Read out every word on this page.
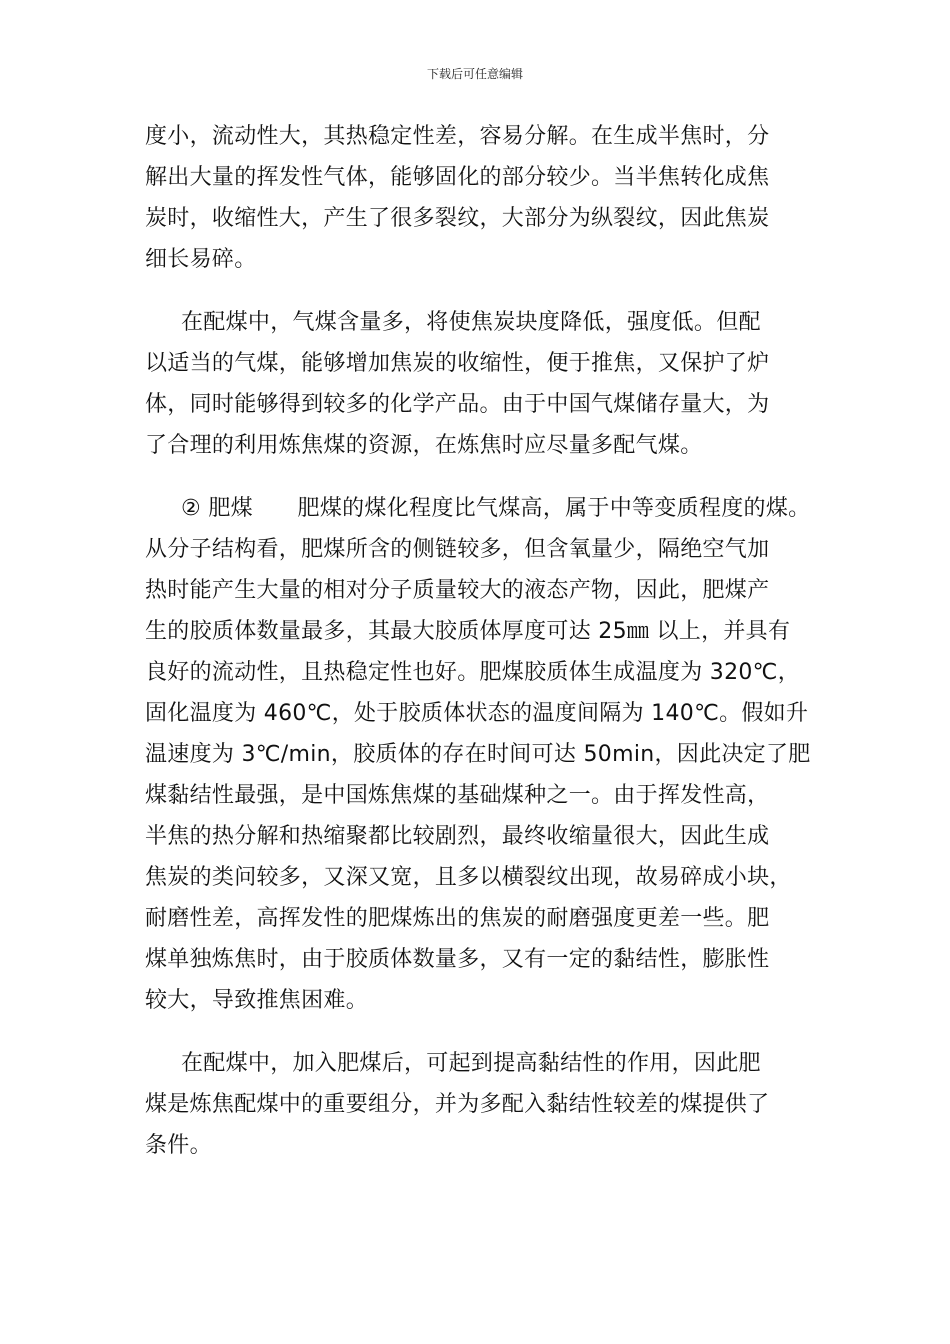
下载后可任意编辑
度小，流动性大，其热稳定性差，容易分解。在生成半焦时，分
解出大量的挥发性气体，能够固化的部分较少。当半焦转化成焦
炭时，收缩性大，产生了很多裂纹，大部分为纵裂纹，因此焦炭
细长易碎。
在配煤中，气煤含量多，将使焦炭块度降低，强度低。但配
以适当的气煤，能够增加焦炭的收缩性，便于推焦，又保护了炉
体，同时能够得到较多的化学产品。由于中国气煤储存量大，为
了合理的利用炼焦煤的资源，在炼焦时应尽量多配气煤。
② 肥煤　　肥煤的煤化程度比气煤高，属于中等变质程度的煤。
从分子结构看，肥煤所含的侧链较多，但含氧量少，隔绝空气加
热时能产生大量的相对分子质量较大的液态产物，因此，肥煤产
生的胶质体数量最多，其最大胶质体厚度可达 25㎜ 以上，并具有
良好的流动性，且热稳定性也好。肥煤胶质体生成温度为 320℃，
固化温度为 460℃，处于胶质体状态的温度间隔为 140℃。假如升
温速度为 3℃/min，胶质体的存在时间可达 50min，因此决定了肥
煤黏结性最强，是中国炼焦煤的基础煤种之一。由于挥发性高，
半焦的热分解和热缩聚都比较剧烈，最终收缩量很大，因此生成
焦炭的类问较多，又深又宽，且多以横裂纹出现，故易碎成小块，
耐磨性差，高挥发性的肥煤炼出的焦炭的耐磨强度更差一些。肥
煤单独炼焦时，由于胶质体数量多，又有一定的黏结性，膨胀性
较大，导致推焦困难。
在配煤中，加入肥煤后，可起到提高黏结性的作用，因此肥
煤是炼焦配煤中的重要组分，并为多配入黏结性较差的煤提供了
条件。
